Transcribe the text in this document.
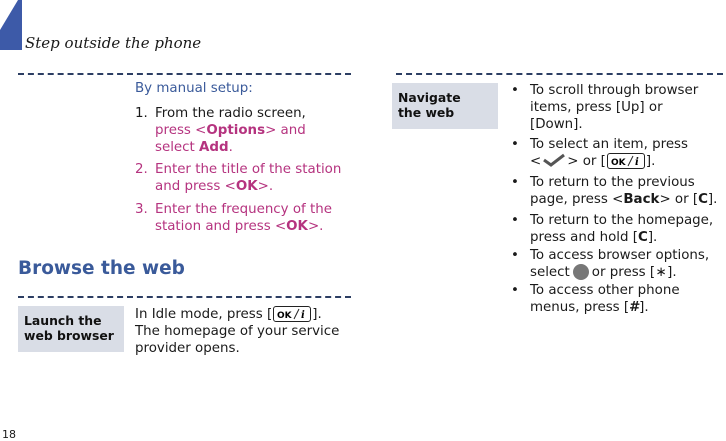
Step outside the phone
By manual setup:
1. From the radio screen,
press <Options> and
select Add.
2. Enter the title of the station
and press <OK>.
3. Enter the frequency of the
station and press <OK>.
Browse the web
Launch the
web browser
In Idle mode, press [ OK i ].
The homepage of your service
provider opens.
Navigate
the web
• To scroll through browser
items, press [Up] or
[Down].
• To select an item, press
< > or [ OK i ].
• To return to the previous
page, press <Back> or [C].
• To return to the homepage,
press and hold [C].
• To access browser options,
select or press [∗].
• To access other phone
menus, press [#].
18
